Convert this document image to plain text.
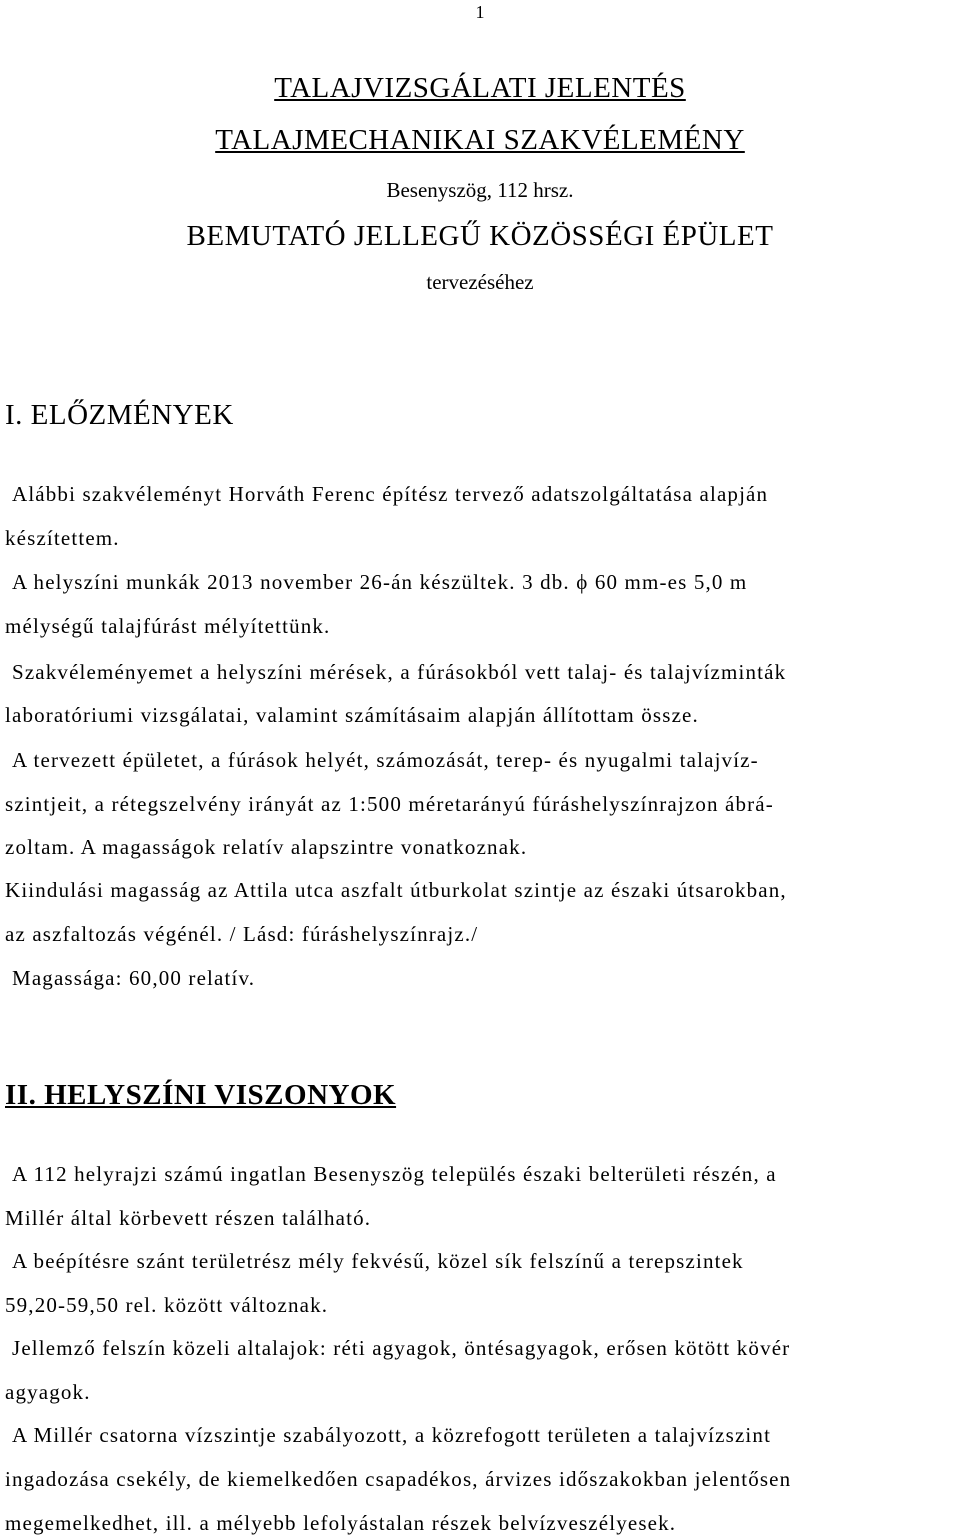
1
TALAJVIZSGÁLATI JELENTÉS
TALAJMECHANIKAI SZAKVÉLEMÉNY
Besenyszög, 112 hrsz.
BEMUTATÓ JELLEGŰ KÖZÖSSÉGI ÉPÜLET
tervezéséhez
I. ELŐZMÉNYEK
Alábbi szakvéleményt Horváth Ferenc építész tervező adatszolgáltatása alapján
készítettem.
A helyszíni munkák 2013 november 26-án készültek. 3 db. ϕ 60 mm-es 5,0 m
mélységű talajfúrást mélyítettünk.
Szakvéleményemet a helyszíni mérések, a fúrásokból vett talaj- és talajvízminták
laboratóriumi vizsgálatai, valamint számításaim alapján állítottam össze.
A tervezett épületet, a fúrások helyét, számozását, terep- és nyugalmi talajvíz-
szintjeit, a rétegszelvény irányát az 1:500 méretarányú fúráshelyszínrajzon ábrá-
zoltam. A magasságok relatív alapszintre vonatkoznak.
Kiindulási magasság az Attila utca aszfalt útburkolat szintje az északi útsarokban,
az aszfaltozás végénél. / Lásd: fúráshelyszínrajz./
Magassága: 60,00 relatív.
II. HELYSZÍNI VISZONYOK
A 112 helyrajzi számú ingatlan Besenyszög település északi belterületi részén, a
Millér által körbevett részen található.
A beépítésre szánt területrész mély fekvésű, közel sík felszínű a terepszintek
59,20-59,50 rel. között változnak.
Jellemző felszín közeli altalajok: réti agyagok, öntésagyagok, erősen kötött kövér
agyagok.
A Millér csatorna vízszintje szabályozott, a közrefogott területen a talajvízszint
ingadozása csekély, de kiemelkedően csapadékos, árvizes időszakokban jelentősen
megemelkedhet, ill. a mélyebb lefolyástalan részek belvízveszélyesek.
